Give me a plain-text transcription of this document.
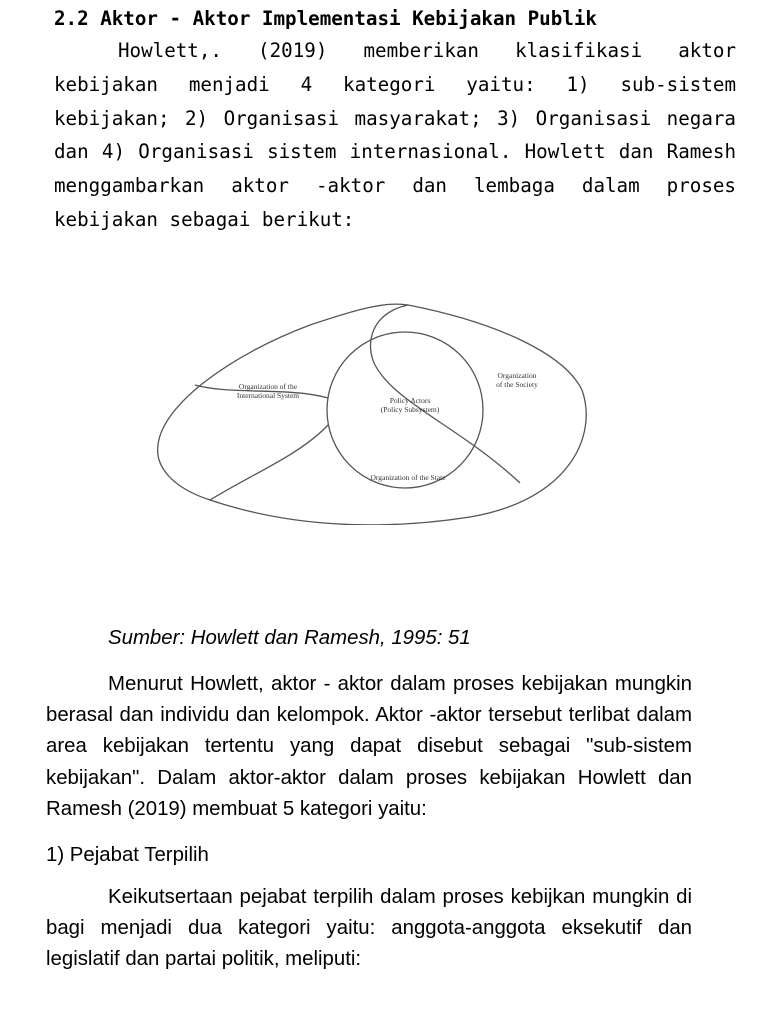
2.2 Aktor - Aktor Implementasi Kebijakan Publik

Howlett,. (2019) memberikan klasifikasi aktor kebijakan menjadi 4 kategori yaitu: 1) sub-sistem kebijakan; 2) Organisasi masyarakat; 3) Organisasi negara dan 4) Organisasi sistem internasional. Howlett dan Ramesh menggambarkan aktor -aktor dan lembaga dalam proses kebijakan sebagai berikut:

Organization of the
International System
Organization
of the Society
Policy Actors
(Policy Subsystem)
Organization of the State

Sumber: Howlett dan Ramesh, 1995: 51

Menurut Howlett, aktor - aktor dalam proses kebijakan mungkin berasal dan individu dan kelompok. Aktor -aktor tersebut terlibat dalam area kebijakan tertentu yang dapat disebut sebagai "sub-sistem kebijakan". Dalam aktor-aktor dalam proses kebijakan Howlett dan Ramesh (2019) membuat 5 kategori yaitu:

1) Pejabat Terpilih

Keikutsertaan pejabat terpilih dalam proses kebijkan mungkin di bagi menjadi dua kategori yaitu: anggota-anggota eksekutif dan legislatif dan partai politik, meliputi:
